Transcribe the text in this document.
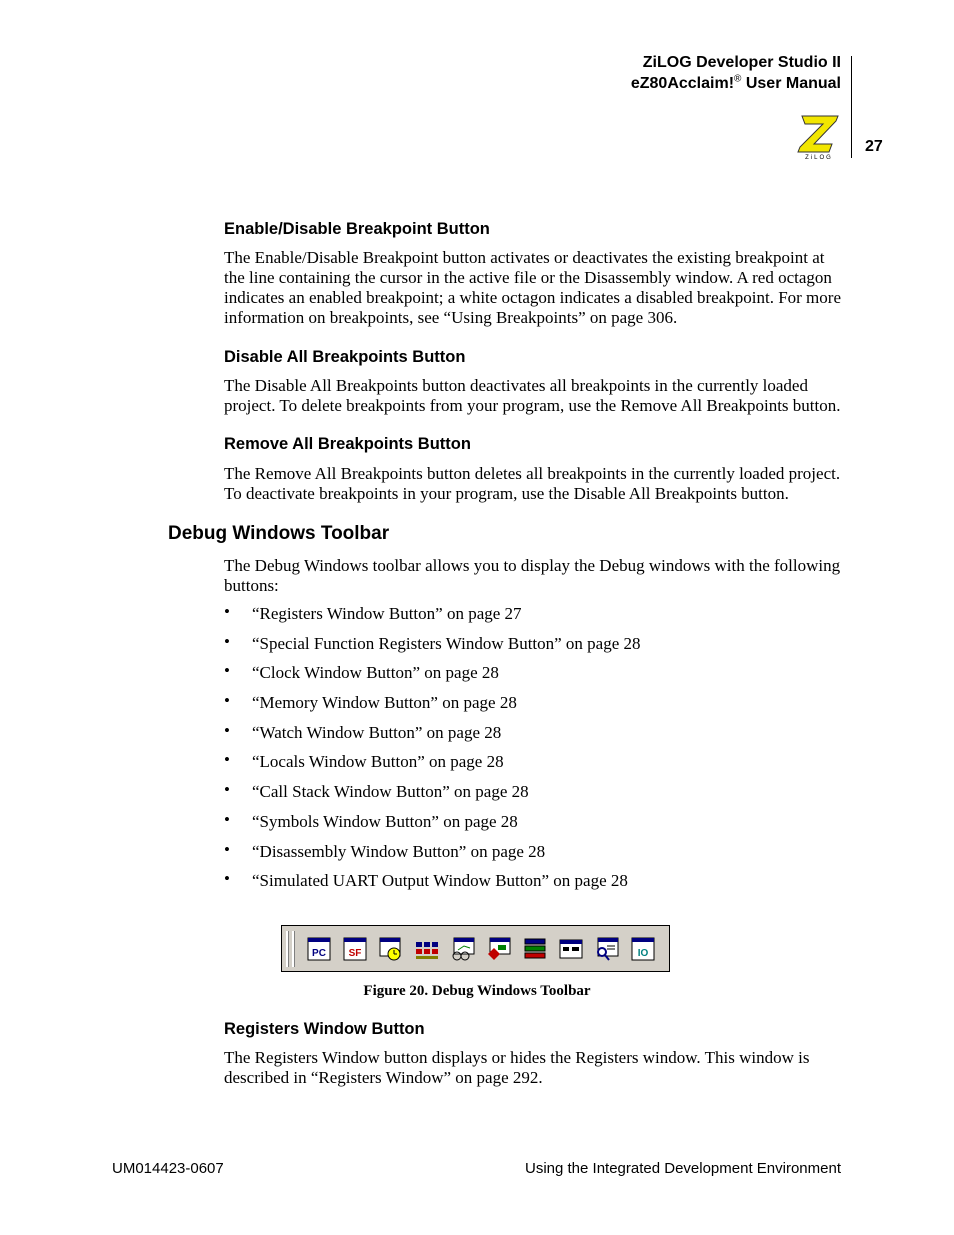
ZiLOG Developer Studio II
eZ80Acclaim!® User Manual
27
ZiLOG
Enable/Disable Breakpoint Button

The Enable/Disable Breakpoint button activates or deactivates the existing breakpoint at the line containing the cursor in the active file or the Disassembly window. A red octagon indicates an enabled breakpoint; a white octagon indicates a disabled breakpoint. For more information on breakpoints, see “Using Breakpoints” on page 306.

Disable All Breakpoints Button

The Disable All Breakpoints button deactivates all breakpoints in the currently loaded project. To delete breakpoints from your program, use the Remove All Breakpoints button.

Remove All Breakpoints Button

The Remove All Breakpoints button deletes all breakpoints in the currently loaded project. To deactivate breakpoints in your program, use the Disable All Breakpoints button.

Debug Windows Toolbar

The Debug Windows toolbar allows you to display the Debug windows with the following buttons:

• “Registers Window Button” on page 27
• “Special Function Registers Window Button” on page 28
• “Clock Window Button” on page 28
• “Memory Window Button” on page 28
• “Watch Window Button” on page 28
• “Locals Window Button” on page 28
• “Call Stack Window Button” on page 28
• “Symbols Window Button” on page 28
• “Disassembly Window Button” on page 28
• “Simulated UART Output Window Button” on page 28
PC SF	IO
Figure 20. Debug Windows Toolbar
Registers Window Button

The Registers Window button displays or hides the Registers window. This window is described in “Registers Window” on page 292.

UM014423-0607	Using the Integrated Development Environment
